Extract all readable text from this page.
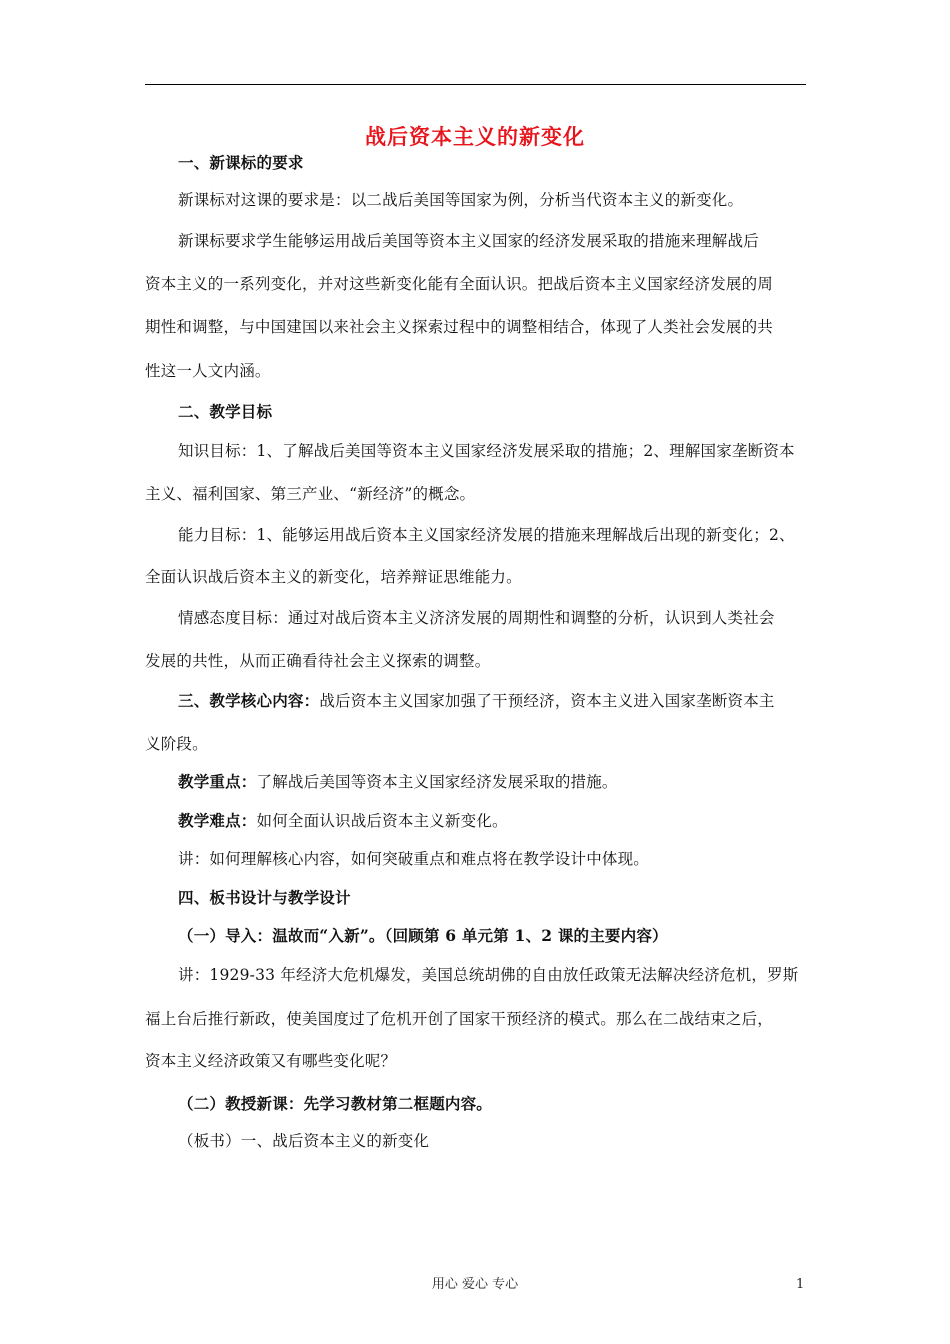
战后资本主义的新变化
一、新课标的要求
新课标对这课的要求是：以二战后美国等国家为例，分析当代资本主义的新变化。
新课标要求学生能够运用战后美国等资本主义国家的经济发展采取的措施来理解战后
资本主义的一系列变化，并对这些新变化能有全面认识。把战后资本主义国家经济发展的周
期性和调整，与中国建国以来社会主义探索过程中的调整相结合，体现了人类社会发展的共
性这一人文内涵。
二、教学目标
知识目标：1、了解战后美国等资本主义国家经济发展采取的措施；2、理解国家垄断资本
主义、福利国家、第三产业、“新经济”的概念。
能力目标：1、能够运用战后资本主义国家经济发展的措施来理解战后出现的新变化；2、
全面认识战后资本主义的新变化，培养辩证思维能力。
情感态度目标：通过对战后资本主义济济发展的周期性和调整的分析，认识到人类社会
发展的共性，从而正确看待社会主义探索的调整。
三、教学核心内容：战后资本主义国家加强了干预经济，资本主义进入国家垄断资本主
义阶段。
教学重点：了解战后美国等资本主义国家经济发展采取的措施。
教学难点：如何全面认识战后资本主义新变化。
讲：如何理解核心内容，如何突破重点和难点将在教学设计中体现。
四、板书设计与教学设计
（一）导入：温故而“入新”。（回顾第 6 单元第 1、2 课的主要内容）
讲：1929-33 年经济大危机爆发，美国总统胡佛的自由放任政策无法解决经济危机，罗斯
福上台后推行新政，使美国度过了危机开创了国家干预经济的模式。那么在二战结束之后，
资本主义经济政策又有哪些变化呢？
（二）教授新课：先学习教材第二框题内容。
（板书）一、战后资本主义的新变化
用心 爱心 专心	1
